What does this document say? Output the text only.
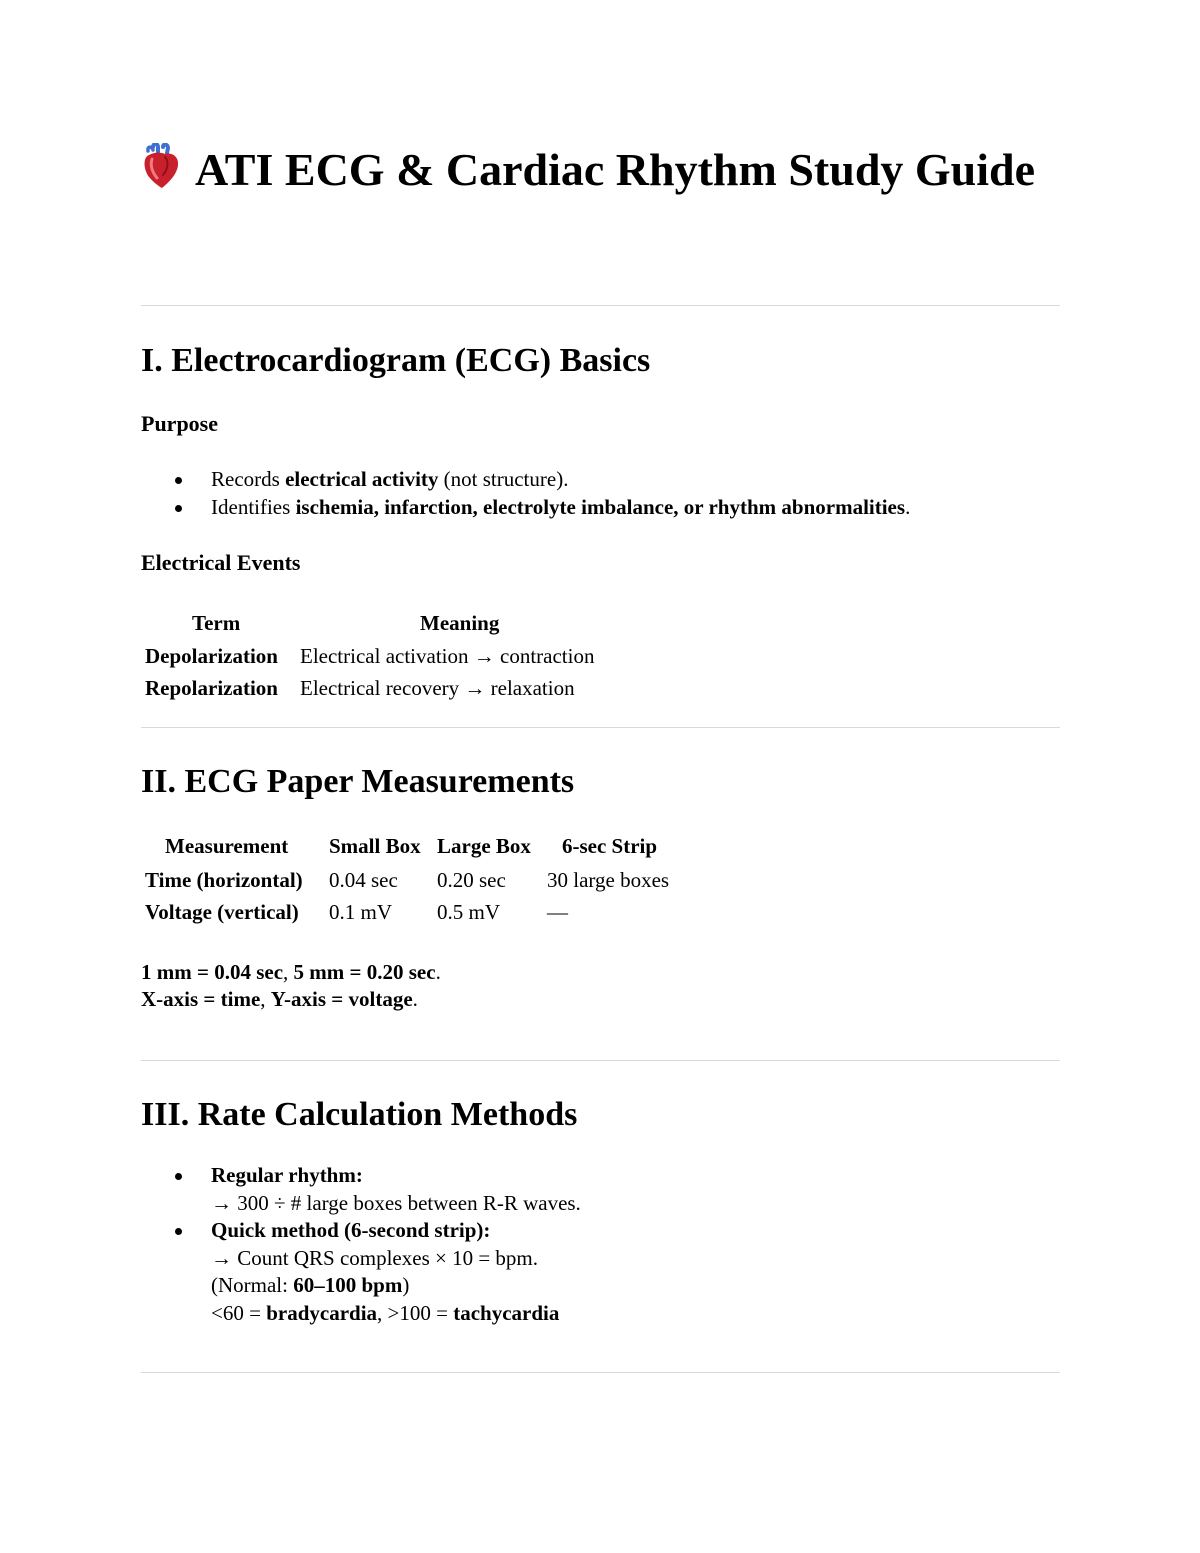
ATI ECG & Cardiac Rhythm Study Guide
I. Electrocardiogram (ECG) Basics
Purpose
Records electrical activity (not structure).
Identifies ischemia, infarction, electrolyte imbalance, or rhythm abnormalities.
Electrical Events
Term	Meaning
Depolarization Electrical activation → contraction
Repolarization Electrical recovery → relaxation
II. ECG Paper Measurements
Measurement Small Box Large Box 6-sec Strip
Time (horizontal) 0.04 sec 0.20 sec 30 large boxes
Voltage (vertical) 0.1 mV 0.5 mV —
1 mm = 0.04 sec, 5 mm = 0.20 sec.
X-axis = time, Y-axis = voltage.
III. Rate Calculation Methods
Regular rhythm:
→ 300 ÷ # large boxes between R-R waves.
Quick method (6-second strip):
→ Count QRS complexes × 10 = bpm.
(Normal: 60–100 bpm)
<60 = bradycardia, >100 = tachycardia
